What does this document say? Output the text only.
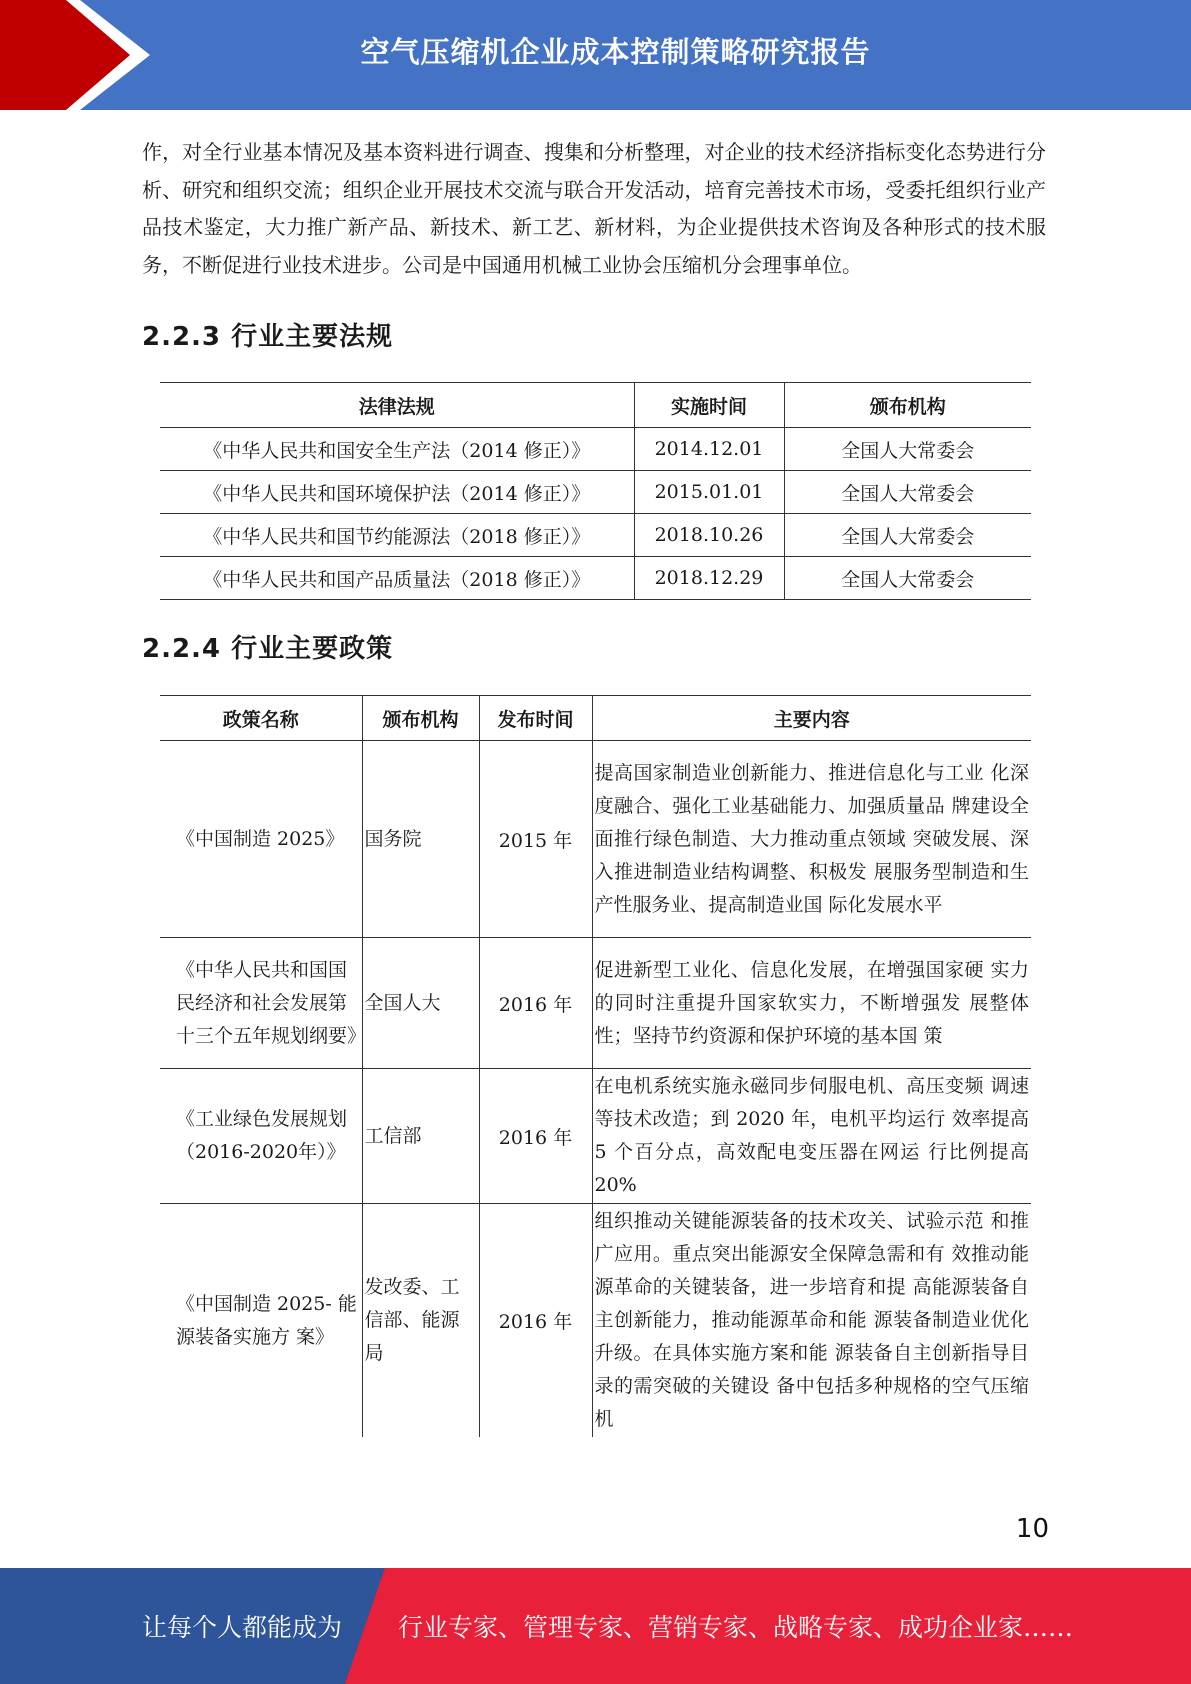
空气压缩机企业成本控制策略研究报告

作，对全行业基本情况及基本资料进行调查、搜集和分析整理，对企业的技术经济指标变化态势进行分析、研究和组织交流；组织企业开展技术交流与联合开发活动，培育完善技术市场，受委托组织行业产品技术鉴定，大力推广新产品、新技术、新工艺、新材料，为企业提供技术咨询及各种形式的技术服务，不断促进行业技术进步。公司是中国通用机械工业协会压缩机分会理事单位。

2.2.3 行业主要法规
法律法规	实施时间	颁布机构
《中华人民共和国安全生产法（2014 修正）》	2014.12.01	全国人大常委会
《中华人民共和国环境保护法（2014 修正）》	2015.01.01	全国人大常委会
《中华人民共和国节约能源法（2018 修正）》	2018.10.26	全国人大常委会
《中华人民共和国产品质量法（2018 修正）》	2018.12.29	全国人大常委会
2.2.4 行业主要政策
政策名称	颁布机构	发布时间	主要内容
《中国制造 2025》	国务院	2015 年	提高国家制造业创新能力、推进信息化与工业 化深度融合、强化工业基础能力、加强质量品 牌建设全面推行绿色制造、大力推动重点领域 突破发展、深入推进制造业结构调整、积极发 展服务型制造和生产性服务业、提高制造业国 际化发展水平
《中华人民共和国国民经济和社会发展第十三个五年规划纲要》	全国人大	2016 年	促进新型工业化、信息化发展，在增强国家硬 实力的同时注重提升国家软实力，不断增强发 展整体性；坚持节约资源和保护环境的基本国 策
《工业绿色发展规划（2016-2020年）》	工信部	2016 年	在电机系统实施永磁同步伺服电机、高压变频 调速等技术改造；到 2020 年，电机平均运行 效率提高 5 个百分点，高效配电变压器在网运 行比例提高 20%
《中国制造 2025- 能源装备实施方 案》	发改委、工信部、能源局	2016 年	组织推动关键能源装备的技术攻关、试验示范 和推广应用。重点突出能源安全保障急需和有 效推动能源革命的关键装备，进一步培育和提 高能源装备自主创新能力，推动能源革命和能 源装备制造业优化升级。在具体实施方案和能 源装备自主创新指导目录的需突破的关键设 备中包括多种规格的空气压缩机
10
让每个人都能成为 行业专家、管理专家、营销专家、战略专家、成功企业家……
